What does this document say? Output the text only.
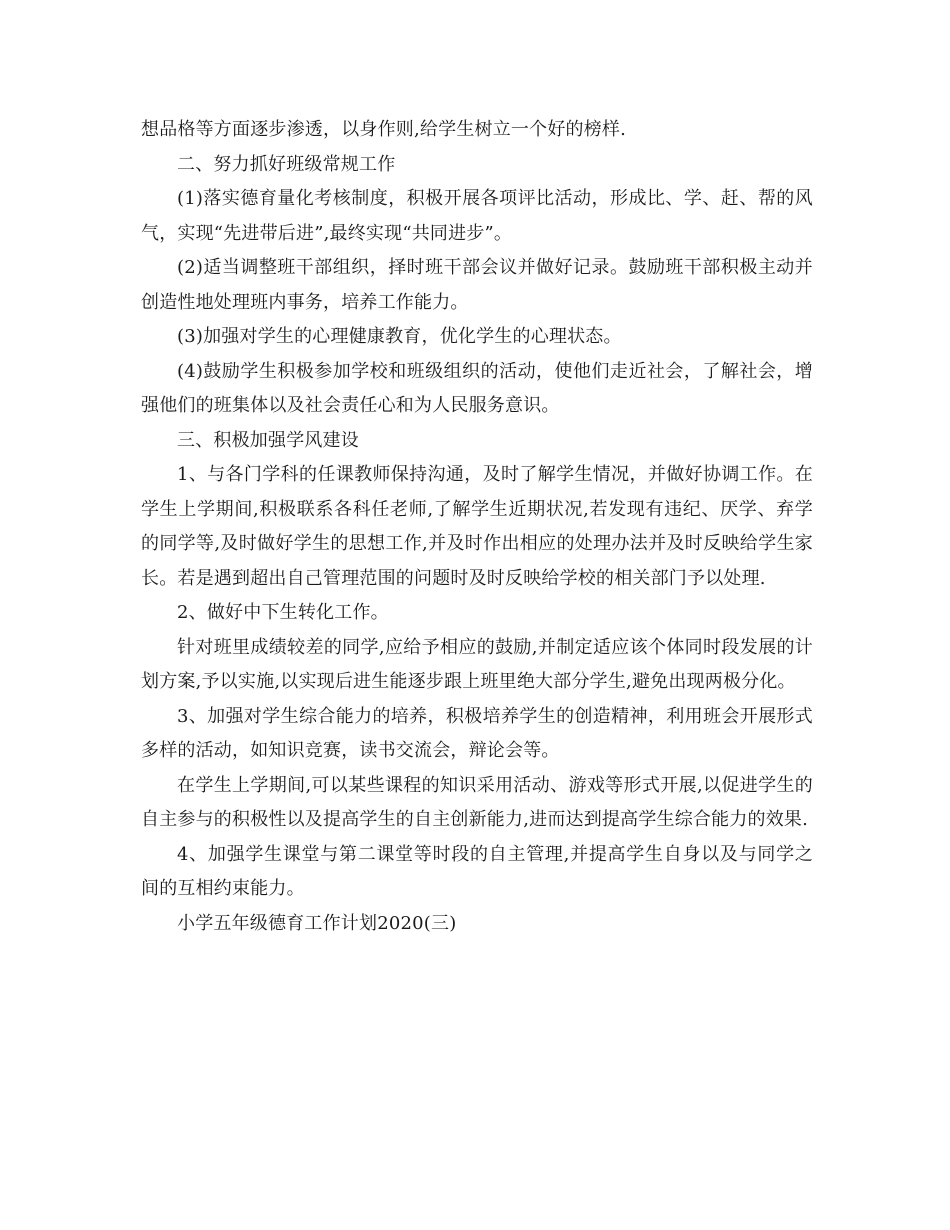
想品格等方面逐步渗透，以身作则,给学生树立一个好的榜样.

二、努力抓好班级常规工作

(1)落实德育量化考核制度，积极开展各项评比活动，形成比、学、赶、帮的风气，实现“先进带后进”,最终实现“共同进步”。

(2)适当调整班干部组织，择时班干部会议并做好记录。鼓励班干部积极主动并创造性地处理班内事务，培养工作能力。

(3)加强对学生的心理健康教育，优化学生的心理状态。

(4)鼓励学生积极参加学校和班级组织的活动，使他们走近社会，了解社会，增强他们的班集体以及社会责任心和为人民服务意识。

三、积极加强学风建设

1、与各门学科的任课教师保持沟通，及时了解学生情况，并做好协调工作。在学生上学期间,积极联系各科任老师,了解学生近期状况,若发现有违纪、厌学、弃学的同学等,及时做好学生的思想工作,并及时作出相应的处理办法并及时反映给学生家长。若是遇到超出自己管理范围的问题时及时反映给学校的相关部门予以处理.

2、做好中下生转化工作。

针对班里成绩较差的同学,应给予相应的鼓励,并制定适应该个体同时段发展的计划方案,予以实施,以实现后进生能逐步跟上班里绝大部分学生,避免出现两极分化。

3、加强对学生综合能力的培养，积极培养学生的创造精神，利用班会开展形式多样的活动，如知识竞赛，读书交流会，辩论会等。

在学生上学期间,可以某些课程的知识采用活动、游戏等形式开展,以促进学生的自主参与的积极性以及提高学生的自主创新能力,进而达到提高学生综合能力的效果.

4、加强学生课堂与第二课堂等时段的自主管理,并提高学生自身以及与同学之间的互相约束能力。

小学五年级德育工作计划2020(三)
